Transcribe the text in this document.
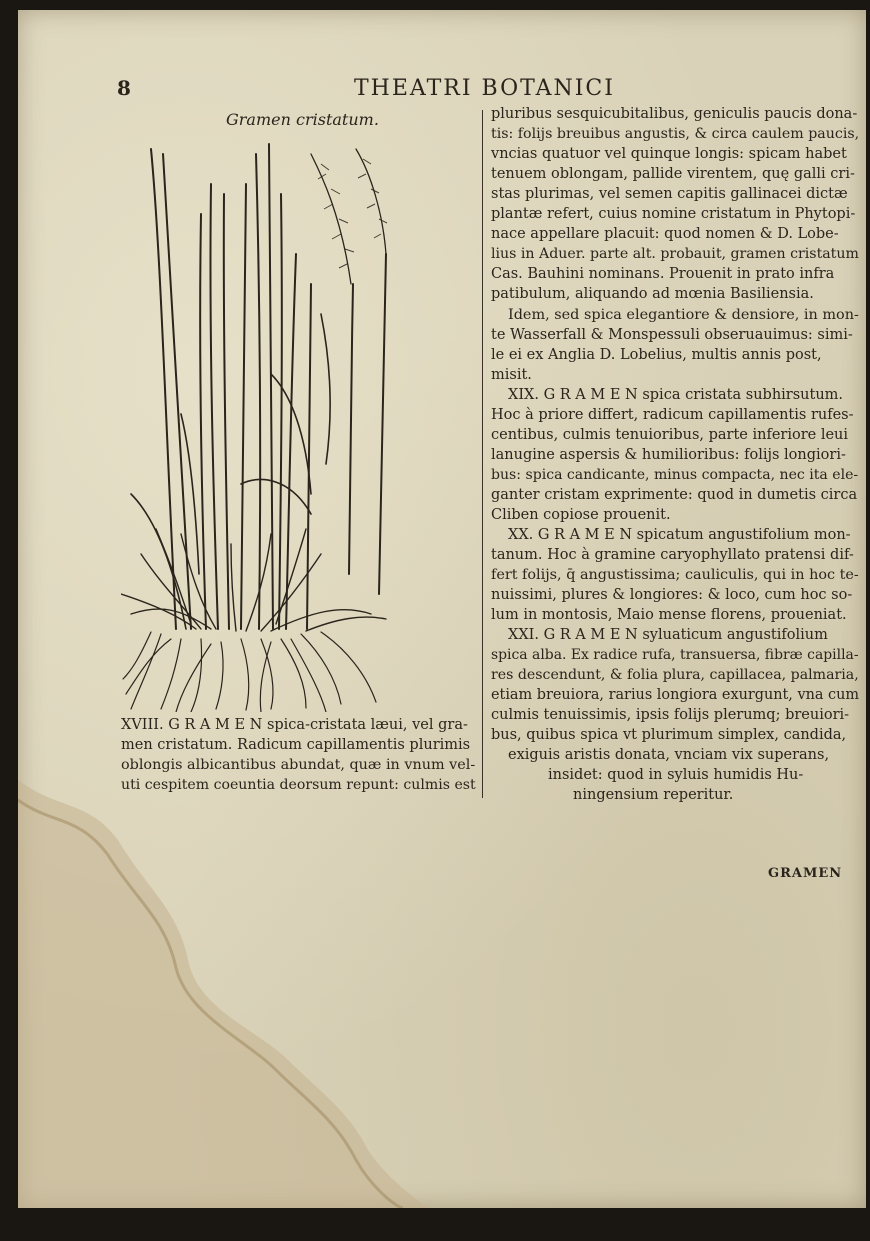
8	THEATRI BOTANICI
Gramen cristatum.
XVIII. G R A M E N spica-cristata læui, vel gra-
men cristatum. Radicum capillamentis plurimis
oblongis albicantibus abundat, quæ in vnum vel-
uti cespitem coeuntia deorsum repunt: culmis est
pluribus sesquicubitalibus, geniculis paucis dona-
tis: folijs breuibus angustis, & circa caulem paucis,
vncias quatuor vel quinque longis: spicam habet
tenuem oblongam, pallide virentem, quę galli cri-
stas plurimas, vel semen capitis gallinacei dictæ
plantæ refert, cuius nomine cristatum in Phytopi-
nace appellare placuit: quod nomen & D. Lobe-
lius in Aduer. parte alt. probauit, gramen cristatum
Cas. Bauhini nominans. Prouenit in prato infra
patibulum, aliquando ad mœnia Basiliensia.
Idem, sed spica elegantiore & densiore, in mon-
te Wasserfall & Monspessuli obseruauimus: simi-
le ei ex Anglia D. Lobelius, multis annis post,
misit.
XIX. G R A M E N spica cristata subhirsutum.
Hoc à priore differt, radicum capillamentis rufes-
centibus, culmis tenuioribus, parte inferiore leui
lanugine aspersis & humilioribus: folijs longiori-
bus: spica candicante, minus compacta, nec ita ele-
ganter cristam exprimente: quod in dumetis circa
Cliben copiose prouenit.
XX. G R A M E N spicatum angustifolium mon-
tanum. Hoc à gramine caryophyllato pratensi dif-
fert folijs, q̄ angustissima; cauliculis, qui in hoc te-
nuissimi, plures & longiores: & loco, cum hoc so-
lum in montosis, Maio mense florens, proueniat.
XXI. G R A M E N syluaticum angustifolium
spica alba. Ex radice rufa, transuersa, fibræ capilla-
res descendunt, & folia plura, capillacea, palmaria,
etiam breuiora, rarius longiora exurgunt, vna cum
culmis tenuissimis, ipsis folijs plerumq; breuiori-
bus, quibus spica vt plurimum simplex, candida,
exiguis aristis donata, vnciam vix superans,
insidet: quod in syluis humidis Hu-
ningensium reperitur.
GRAMEN
